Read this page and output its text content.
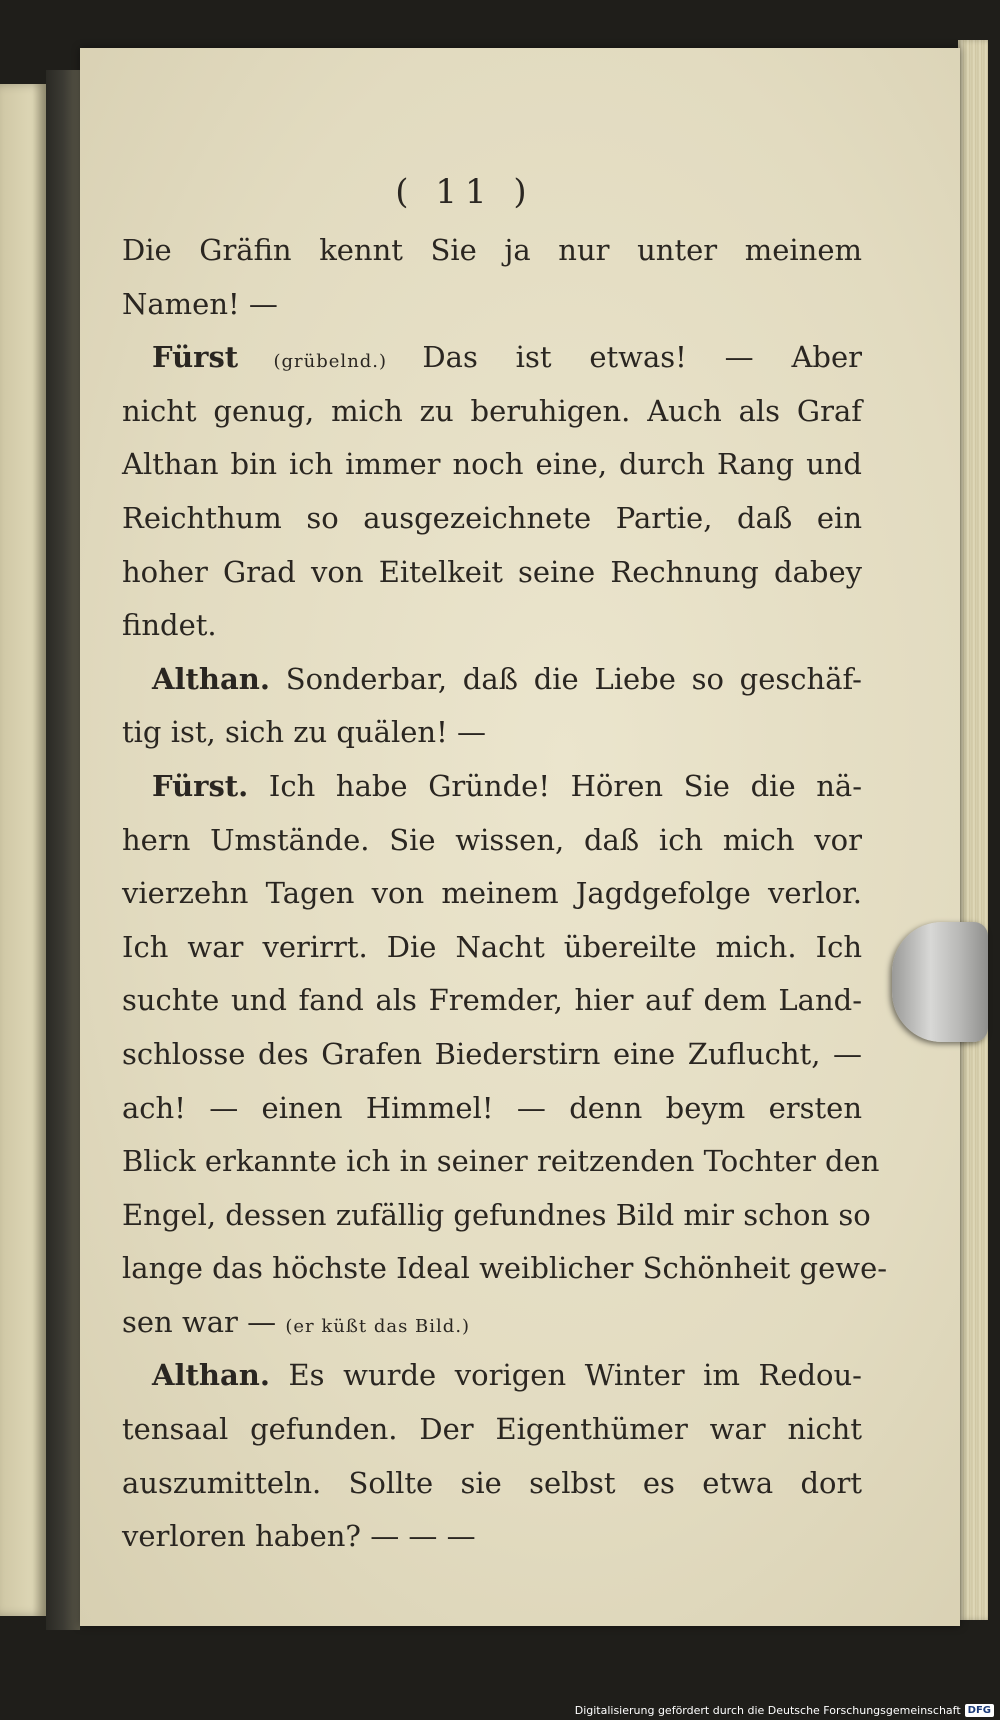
( 11 )
Die Gräfin kennt Sie ja nur unter meinem
Namen! —
Fürst (grübelnd.) Das ist etwas! — Aber
nicht genug, mich zu beruhigen. Auch als Graf
Althan bin ich immer noch eine, durch Rang und
Reichthum so ausgezeichnete Partie, daß ein
hoher Grad von Eitelkeit seine Rechnung dabey
findet.
Althan. Sonderbar, daß die Liebe so geschäf-
tig ist, sich zu quälen! —
Fürst. Ich habe Gründe! Hören Sie die nä-
hern Umstände. Sie wissen, daß ich mich vor
vierzehn Tagen von meinem Jagdgefolge verlor.
Ich war verirrt. Die Nacht übereilte mich. Ich
suchte und fand als Fremder, hier auf dem Land-
schlosse des Grafen Biederstirn eine Zuflucht, —
ach! — einen Himmel! — denn beym ersten
Blick erkannte ich in seiner reitzenden Tochter den
Engel, dessen zufällig gefundnes Bild mir schon so
lange das höchste Ideal weiblicher Schönheit gewe-
sen war — (er küßt das Bild.)
Althan. Es wurde vorigen Winter im Redou-
tensaal gefunden. Der Eigenthümer war nicht
auszumitteln. Sollte sie selbst es etwa dort
verloren haben? — — —
Digitalisierung gefördert durch die Deutsche Forschungsgemeinschaft DFG
